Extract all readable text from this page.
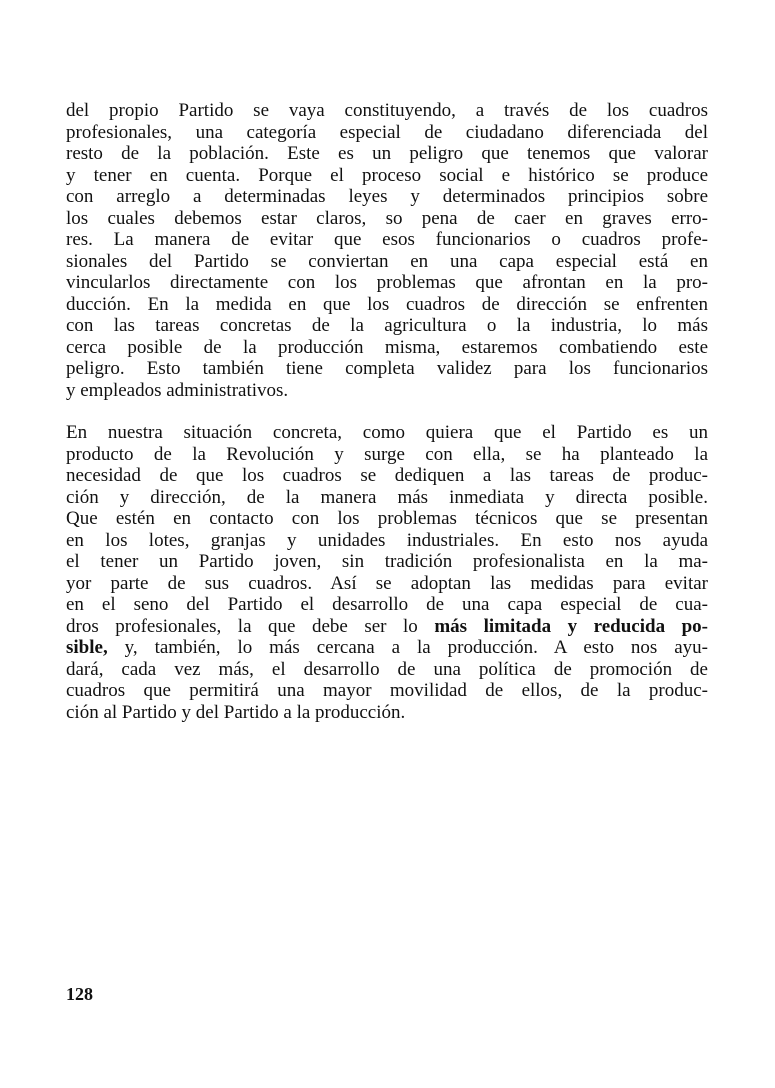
del propio Partido se vaya constituyendo, a través de los cuadros
profesionales, una categoría especial de ciudadano diferenciada del
resto de la población. Este es un peligro que tenemos que valorar
y tener en cuenta. Porque el proceso social e histórico se produce
con arreglo a determinadas leyes y determinados principios sobre
los cuales debemos estar claros, so pena de caer en graves erro-
res. La manera de evitar que esos funcionarios o cuadros profe-
sionales del Partido se conviertan en una capa especial está en
vincularlos directamente con los problemas que afrontan en la pro-
ducción. En la medida en que los cuadros de dirección se enfrenten
con las tareas concretas de la agricultura o la industria, lo más
cerca posible de la producción misma, estaremos combatiendo este
peligro. Esto también tiene completa validez para los funcionarios
y empleados administrativos.

En nuestra situación concreta, como quiera que el Partido es un
producto de la Revolución y surge con ella, se ha planteado la
necesidad de que los cuadros se dediquen a las tareas de produc-
ción y dirección, de la manera más inmediata y directa posible.
Que estén en contacto con los problemas técnicos que se presentan
en los lotes, granjas y unidades industriales. En esto nos ayuda
el tener un Partido joven, sin tradición profesionalista en la ma-
yor parte de sus cuadros. Así se adoptan las medidas para evitar
en el seno del Partido el desarrollo de una capa especial de cua-
dros profesionales, la que debe ser lo más limitada y reducida po-
sible, y, también, lo más cercana a la producción. A esto nos ayu-
dará, cada vez más, el desarrollo de una política de promoción de
cuadros que permitirá una mayor movilidad de ellos, de la produc-
ción al Partido y del Partido a la producción.

128
